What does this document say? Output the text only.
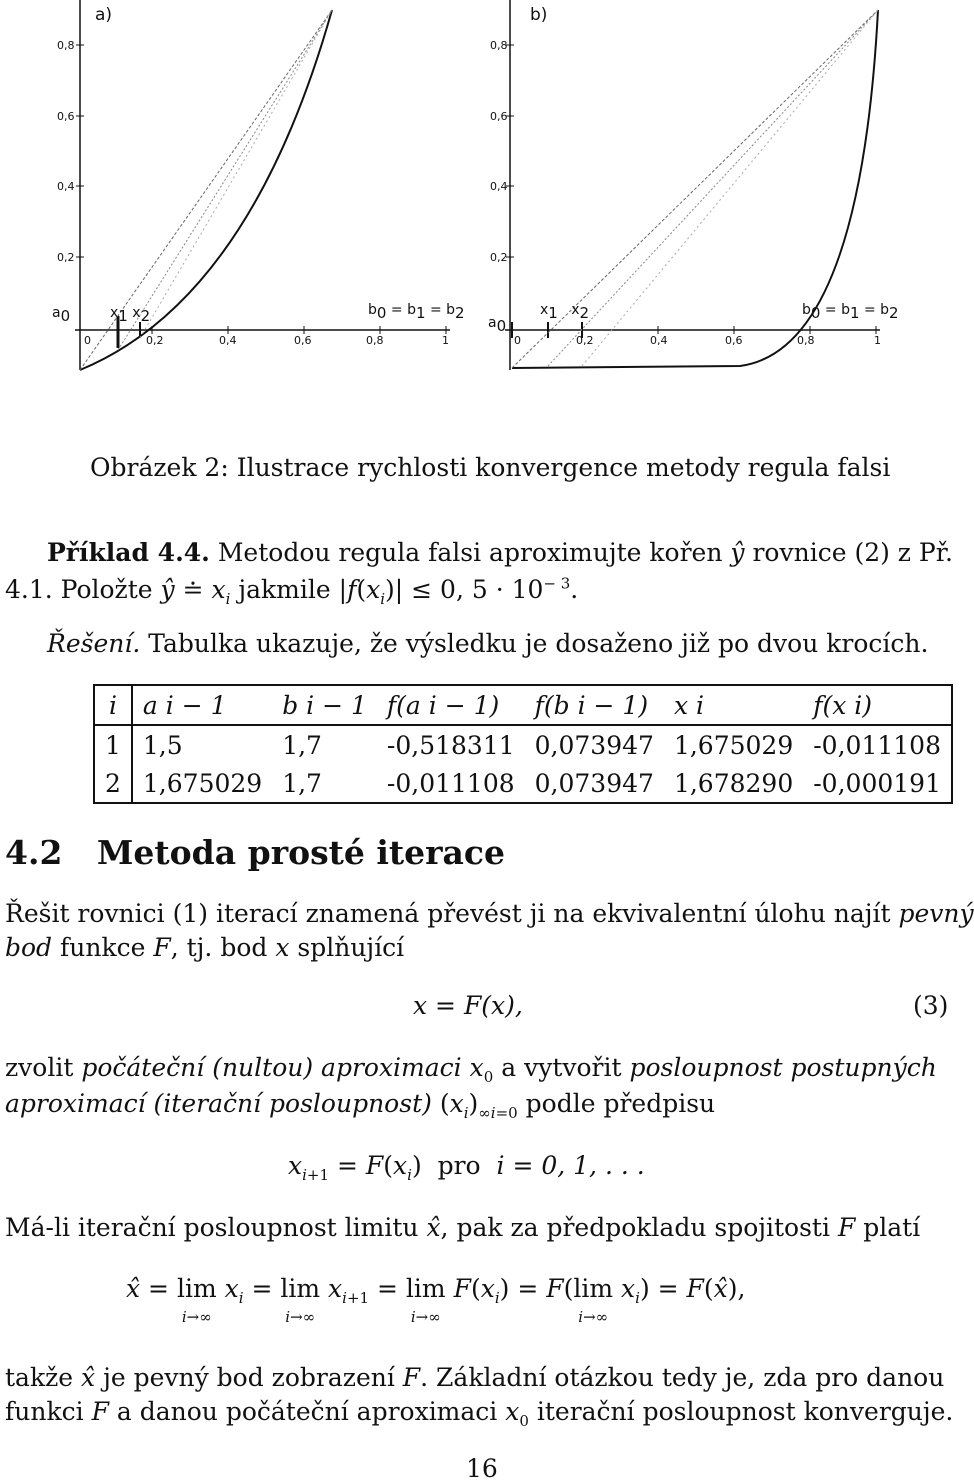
a)
0,8
0,6
0,4
0,2
0	0,2	0,4	0,6	0,8	1
$a_0$	$x_1$ $x_2$	$b_0 = b_1 = b_2$
b)
0,8
0,6
0,4
0,2
0	0,2	0,4	0,6	0,8	1
$a_0$
$x_1$ $x_2$	$b_0 = b_1 = b_2$
Obrázek 2: Ilustrace rychlosti konvergence metody regula falsi
Příklad 4.4. Metodou regula falsi aproximujte kořen ŷ rovnice (2) z Př.
4.1. Položte ŷ ≐ $x_i$ jakmile $|f(x_i)| \le 0$, $5 \cdot 10^{- 3}$.
Řešení. Tabulka ukazuje, že výsledku je dosaženo již po dvou krocích.
i	a i − 1	b i − 1	f(a i − 1)	f(b i − 1)	x i	f(x i)
1	1,5	1,7	-0,518311	0,073947	1,675029	-0,011108
2	1,675029	1,7	-0,011108	0,073947	1,678290	-0,000191
4.2 Metoda prosté iterace
Řešit rovnici (1) iterací znamená převést ji na ekvivalentní úlohu najít pevný
bod funkce F, tj. bod x splňující
x = F(x),	(3)
zvolit počáteční (nultou) aproximaci $x_0$ a vytvořit posloupnost postupných
aproximací (iterační posloupnost) $(x_i)_{\infty i=0}$ podle předpisu
$x_{i+1} = F(x_i)$  pro i = 0, 1, . . .
Má-li iterační posloupnost limitu x̂, pak za předpokladu spojitosti F platí
x̂ = lim
i→∞ $x_i = \lim$
i→∞ $x_{i+1} = \lim$
i→∞ $F(x_i) = F(\lim$
i→∞ $x_i$) = F(x̂),
takže x̂ je pevný bod zobrazení F. Základní otázkou tedy je, zda pro danou
funkci F a danou počáteční aproximaci $x_0$ iterační posloupnost konverguje.
16
